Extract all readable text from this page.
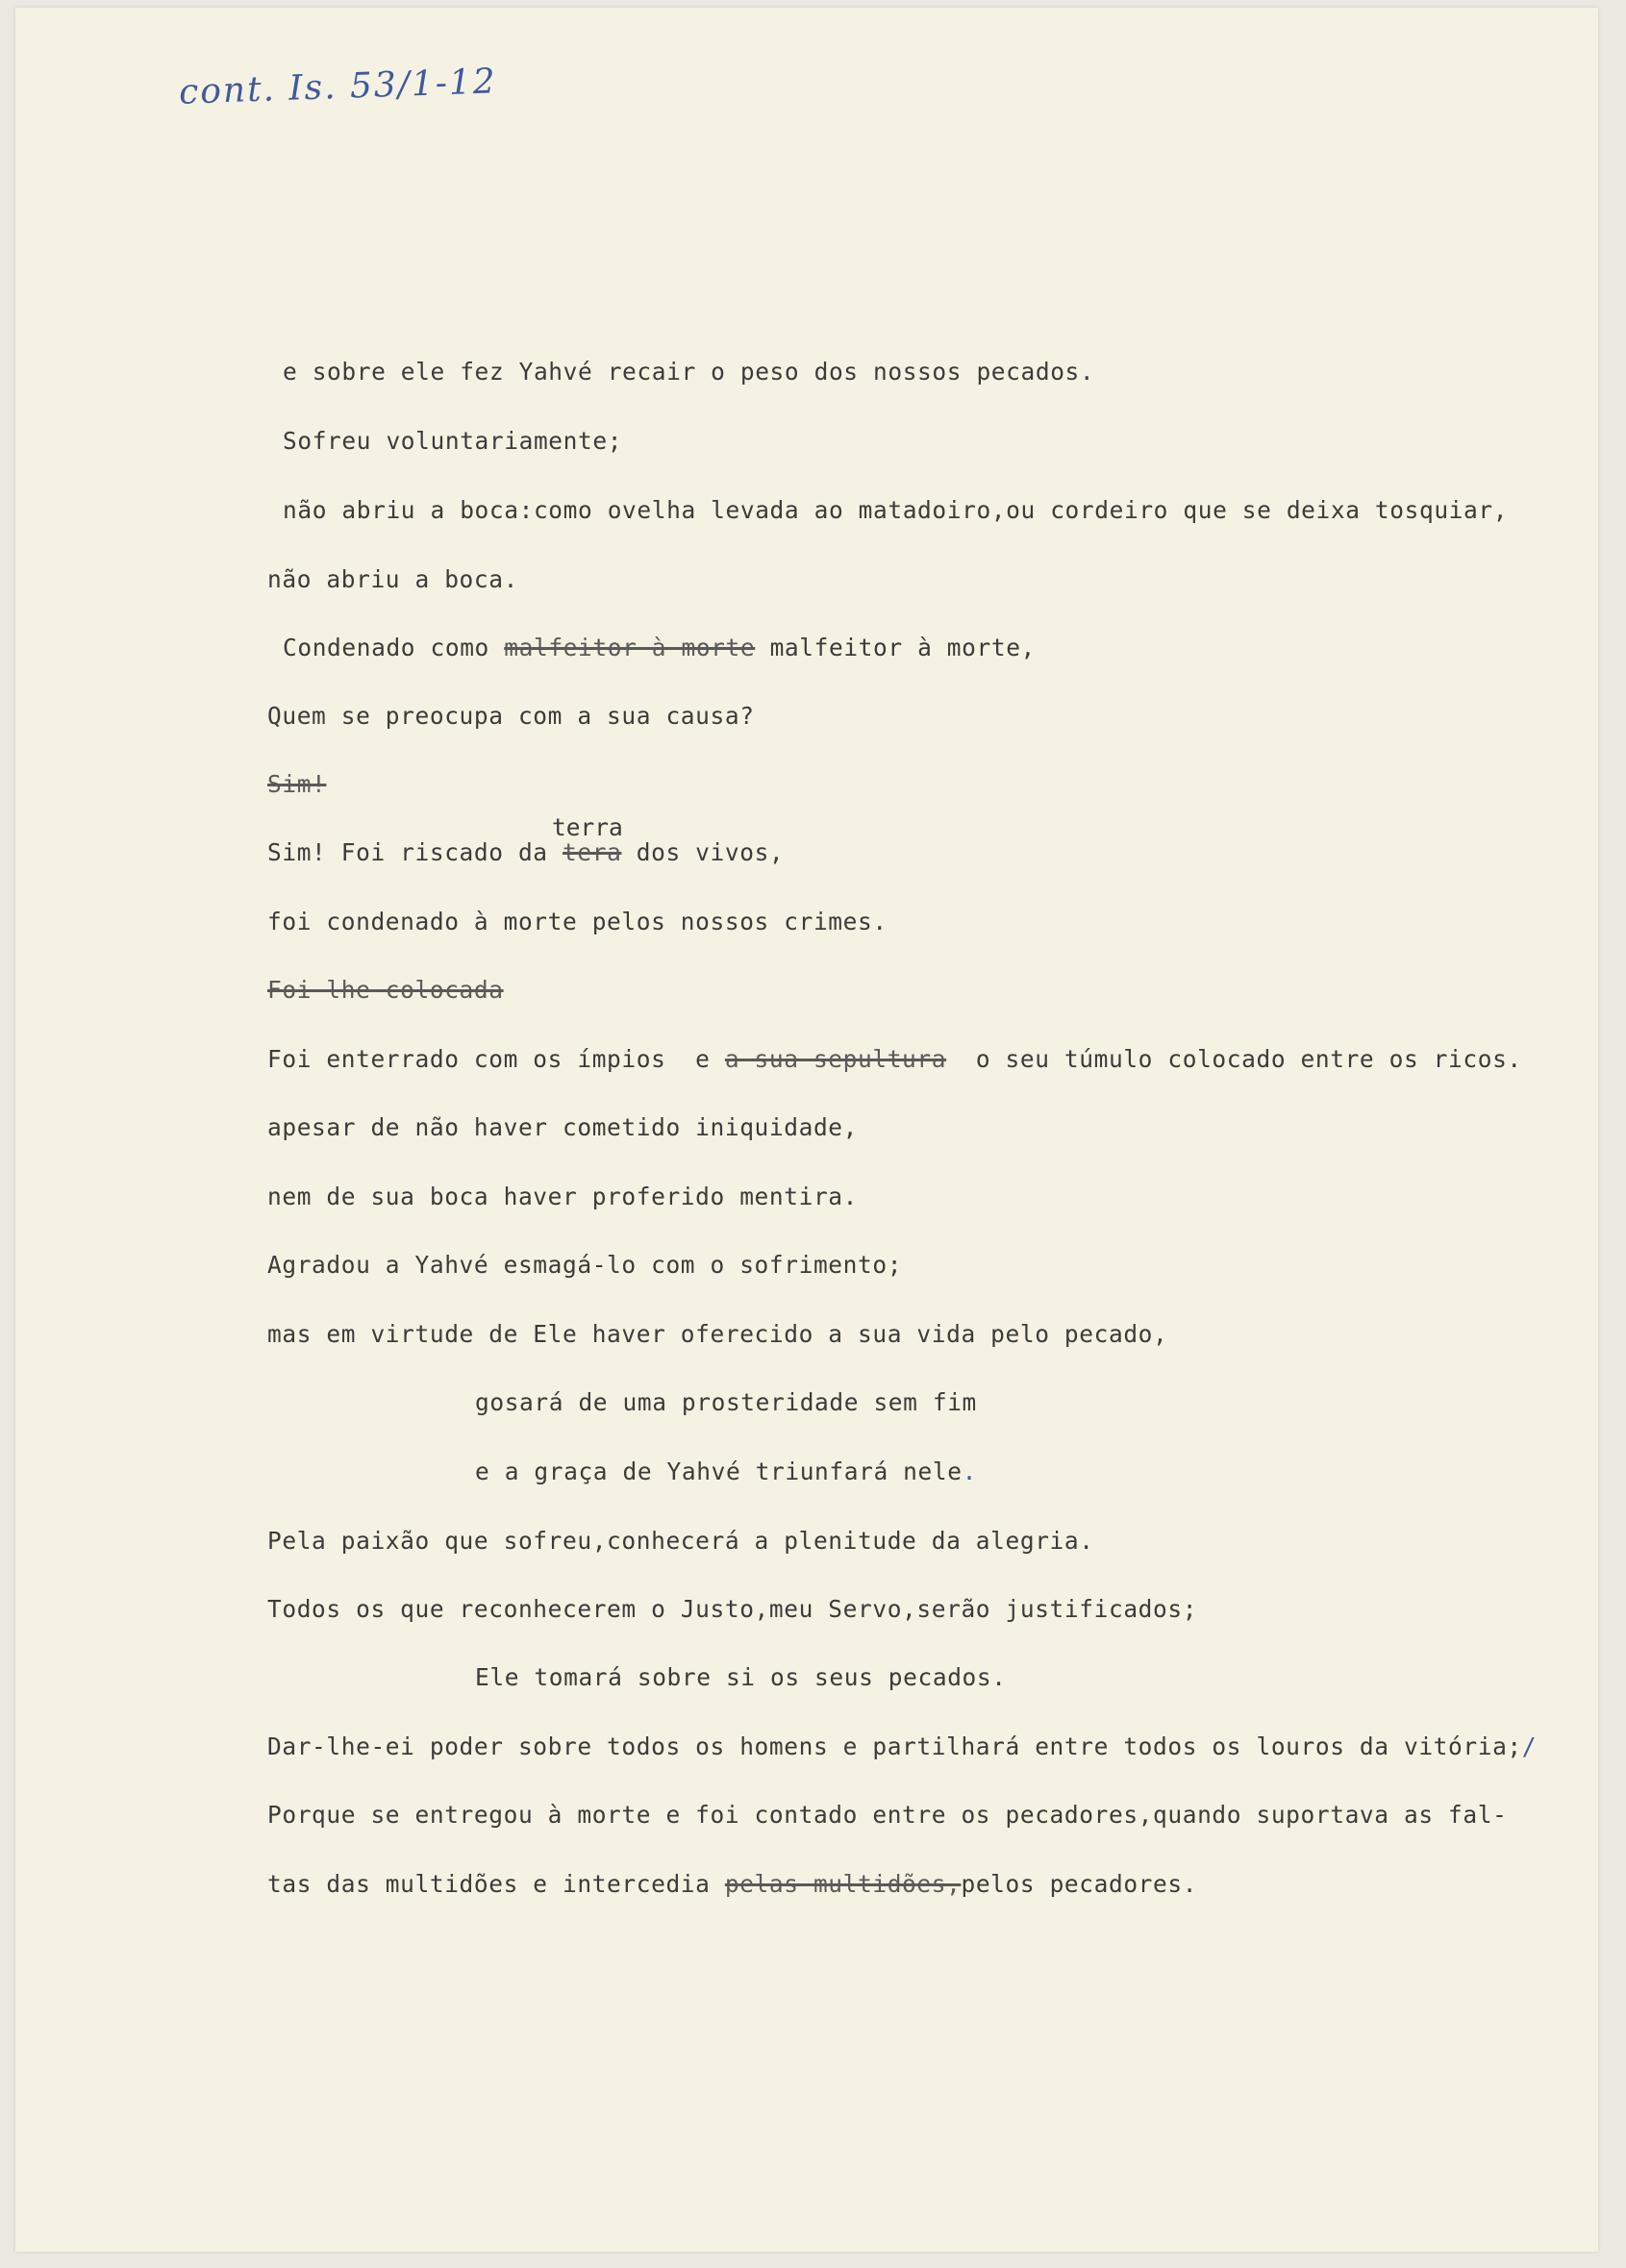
cont. Is. 53/1-12
e sobre ele fez Yahvé recair o peso dos nossos pecados.
Sofreu voluntariamente;
não abriu a boca:como ovelha levada ao matadoiro,ou cordeiro que se deixa tosquiar,
não abriu a boca.
Condenado como malfeitor à morte malfeitor à morte,
Quem se preocupa com a sua causa?
Sim!
terra
Sim! Foi riscado da tera dos vivos,
foi condenado à morte pelos nossos crimes.
Foi-lhe colocada
Foi enterrado com os ímpios  e a sua sepultura  o seu túmulo colocado entre os ricos.
apesar de não haver cometido iniquidade,
nem de sua boca haver proferido mentira.
Agradou a Yahvé esmagá-lo com o sofrimento;
mas em virtude de Ele haver oferecido a sua vida pelo pecado,
gosará de uma prosteridade sem fim
e a graça de Yahvé triunfará nele.
Pela paixão que sofreu,conhecerá a plenitude da alegria.
Todos os que reconhecerem o Justo,meu Servo,serão justificados;
Ele tomará sobre si os seus pecados.
Dar-lhe-ei poder sobre todos os homens e partilhará entre todos os louros da vitória;/
Porque se entregou à morte e foi contado entre os pecadores,quando suportava as fal-
tas das multidões e intercedia pelas multidões,pelos pecadores.
